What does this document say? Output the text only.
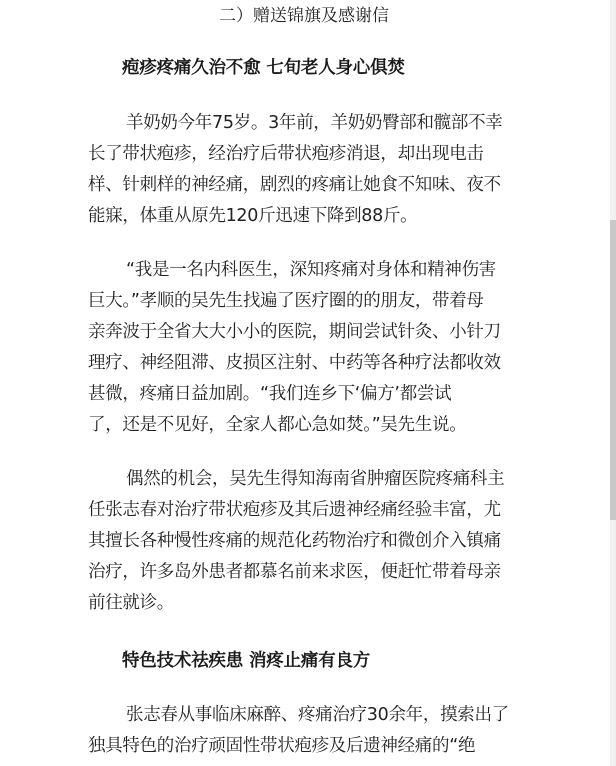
二）赠送锦旗及感谢信
疱疹疼痛久治不愈 七旬老人身心俱焚
羊奶奶今年75岁。3年前，羊奶奶臀部和髋部不幸
长了带状疱疹，经治疗后带状疱疹消退，却出现电击
样、针刺样的神经痛，剧烈的疼痛让她食不知味、夜不
能寐，体重从原先120斤迅速下降到88斤。
“我是一名内科医生，深知疼痛对身体和精神伤害
巨大。”孝顺的吴先生找遍了医疗圈的的朋友，带着母
亲奔波于全省大大小小的医院，期间尝试针灸、小针刀
理疗、神经阻滞、皮损区注射、中药等各种疗法都收效
甚微，疼痛日益加剧。“我们连乡下‘偏方’都尝试
了，还是不见好，全家人都心急如焚。”吴先生说。
偶然的机会，吴先生得知海南省肿瘤医院疼痛科主
任张志春对治疗带状疱疹及其后遗神经痛经验丰富，尤
其擅长各种慢性疼痛的规范化药物治疗和微创介入镇痛
治疗，许多岛外患者都慕名前来求医，便赶忙带着母亲
前往就诊。
特色技术祛疾患 消疼止痛有良方
张志春从事临床麻醉、疼痛治疗30余年，摸索出了
独具特色的治疗顽固性带状疱疹及后遗神经痛的“绝
